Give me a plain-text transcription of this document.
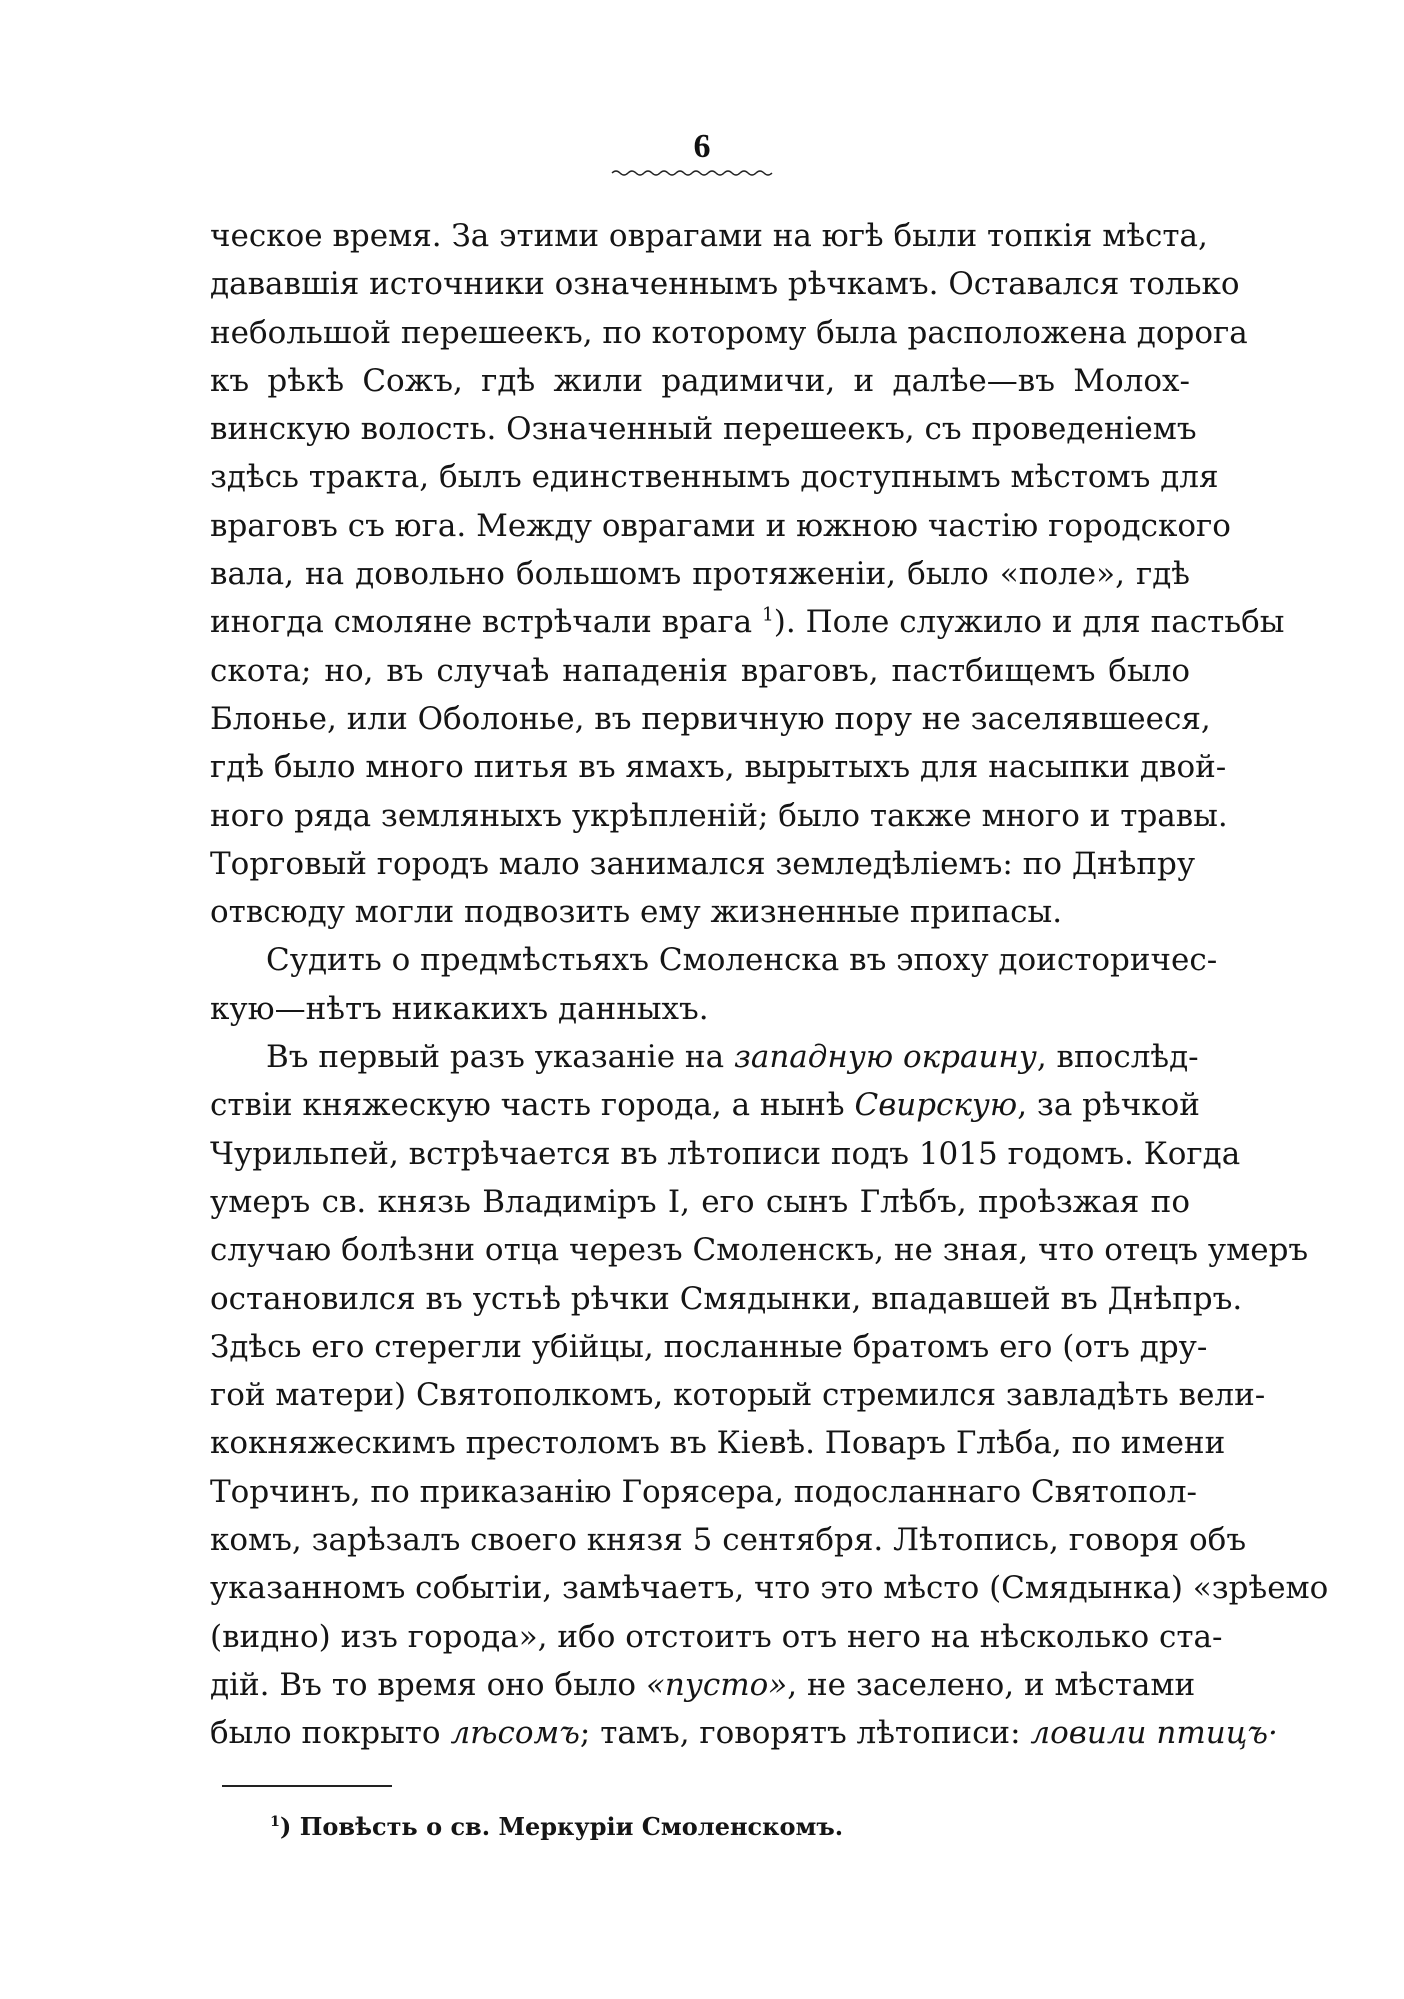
6
ческое время. За этими оврагами на югѣ были топкія мѣста,
дававшія источники означеннымъ рѣчкамъ. Оставался только
небольшой перешеекъ, по которому была расположена дорога
къ рѣкѣ Сожъ, гдѣ жили радимичи, и далѣе—въ Молох-
винскую волость. Означенный перешеекъ, съ проведеніемъ
здѣсь тракта, былъ единственнымъ доступнымъ мѣстомъ для
враговъ съ юга. Между оврагами и южною частію городского
вала, на довольно большомъ протяженіи, было «поле», гдѣ
иногда смоляне встрѣчали врага $^1$). Поле служило и для пастьбы
скота; но, въ случаѣ нападенія враговъ, пастбищемъ было
Блонье, или Оболонье, въ первичную пору не заселявшееся,
гдѣ было много питья въ ямахъ, вырытыхъ для насыпки двой-
ного ряда земляныхъ укрѣпленій; было также много и травы.
Торговый городъ мало занимался земледѣліемъ: по Днѣпру
отвсюду могли подвозить ему жизненные припасы.
Судить о предмѣстьяхъ Смоленска въ эпоху доисторичес-
кую—нѣтъ никакихъ данныхъ.
Въ первый разъ указаніе на западную окраину, впослѣд-
ствіи княжескую часть города, а нынѣ Свирскую, за рѣчкой
Чурильпей, встрѣчается въ лѣтописи подъ 1015 годомъ. Когда
умеръ св. князь Владиміръ I, его сынъ Глѣбъ, проѣзжая по
случаю болѣзни отца черезъ Смоленскъ, не зная, что отецъ умеръ
остановился въ устьѣ рѣчки Смядынки, впадавшей въ Днѣпръ.
Здѣсь его стерегли убійцы, посланные братомъ его (отъ дру-
гой матери) Святополкомъ, который стремился завладѣть вели-
кокняжескимъ престоломъ въ Кіевѣ. Поваръ Глѣба, по имени
Торчинъ, по приказанію Горясера, подосланнаго Святопол-
комъ, зарѣзалъ своего князя 5 сентября. Лѣтопись, говоря объ
указанномъ событіи, замѣчаетъ, что это мѣсто (Смядынка) «зрѣемо
(видно) изъ города», ибо отстоитъ отъ него на нѣсколько ста-
дій. Въ то время оно было «пусто», не заселено, и мѣстами
было покрыто лѣсомъ; тамъ, говорятъ лѣтописи: ловили птицъ·
$^1$) Повѣсть о св. Меркуріи Смоленскомъ.
